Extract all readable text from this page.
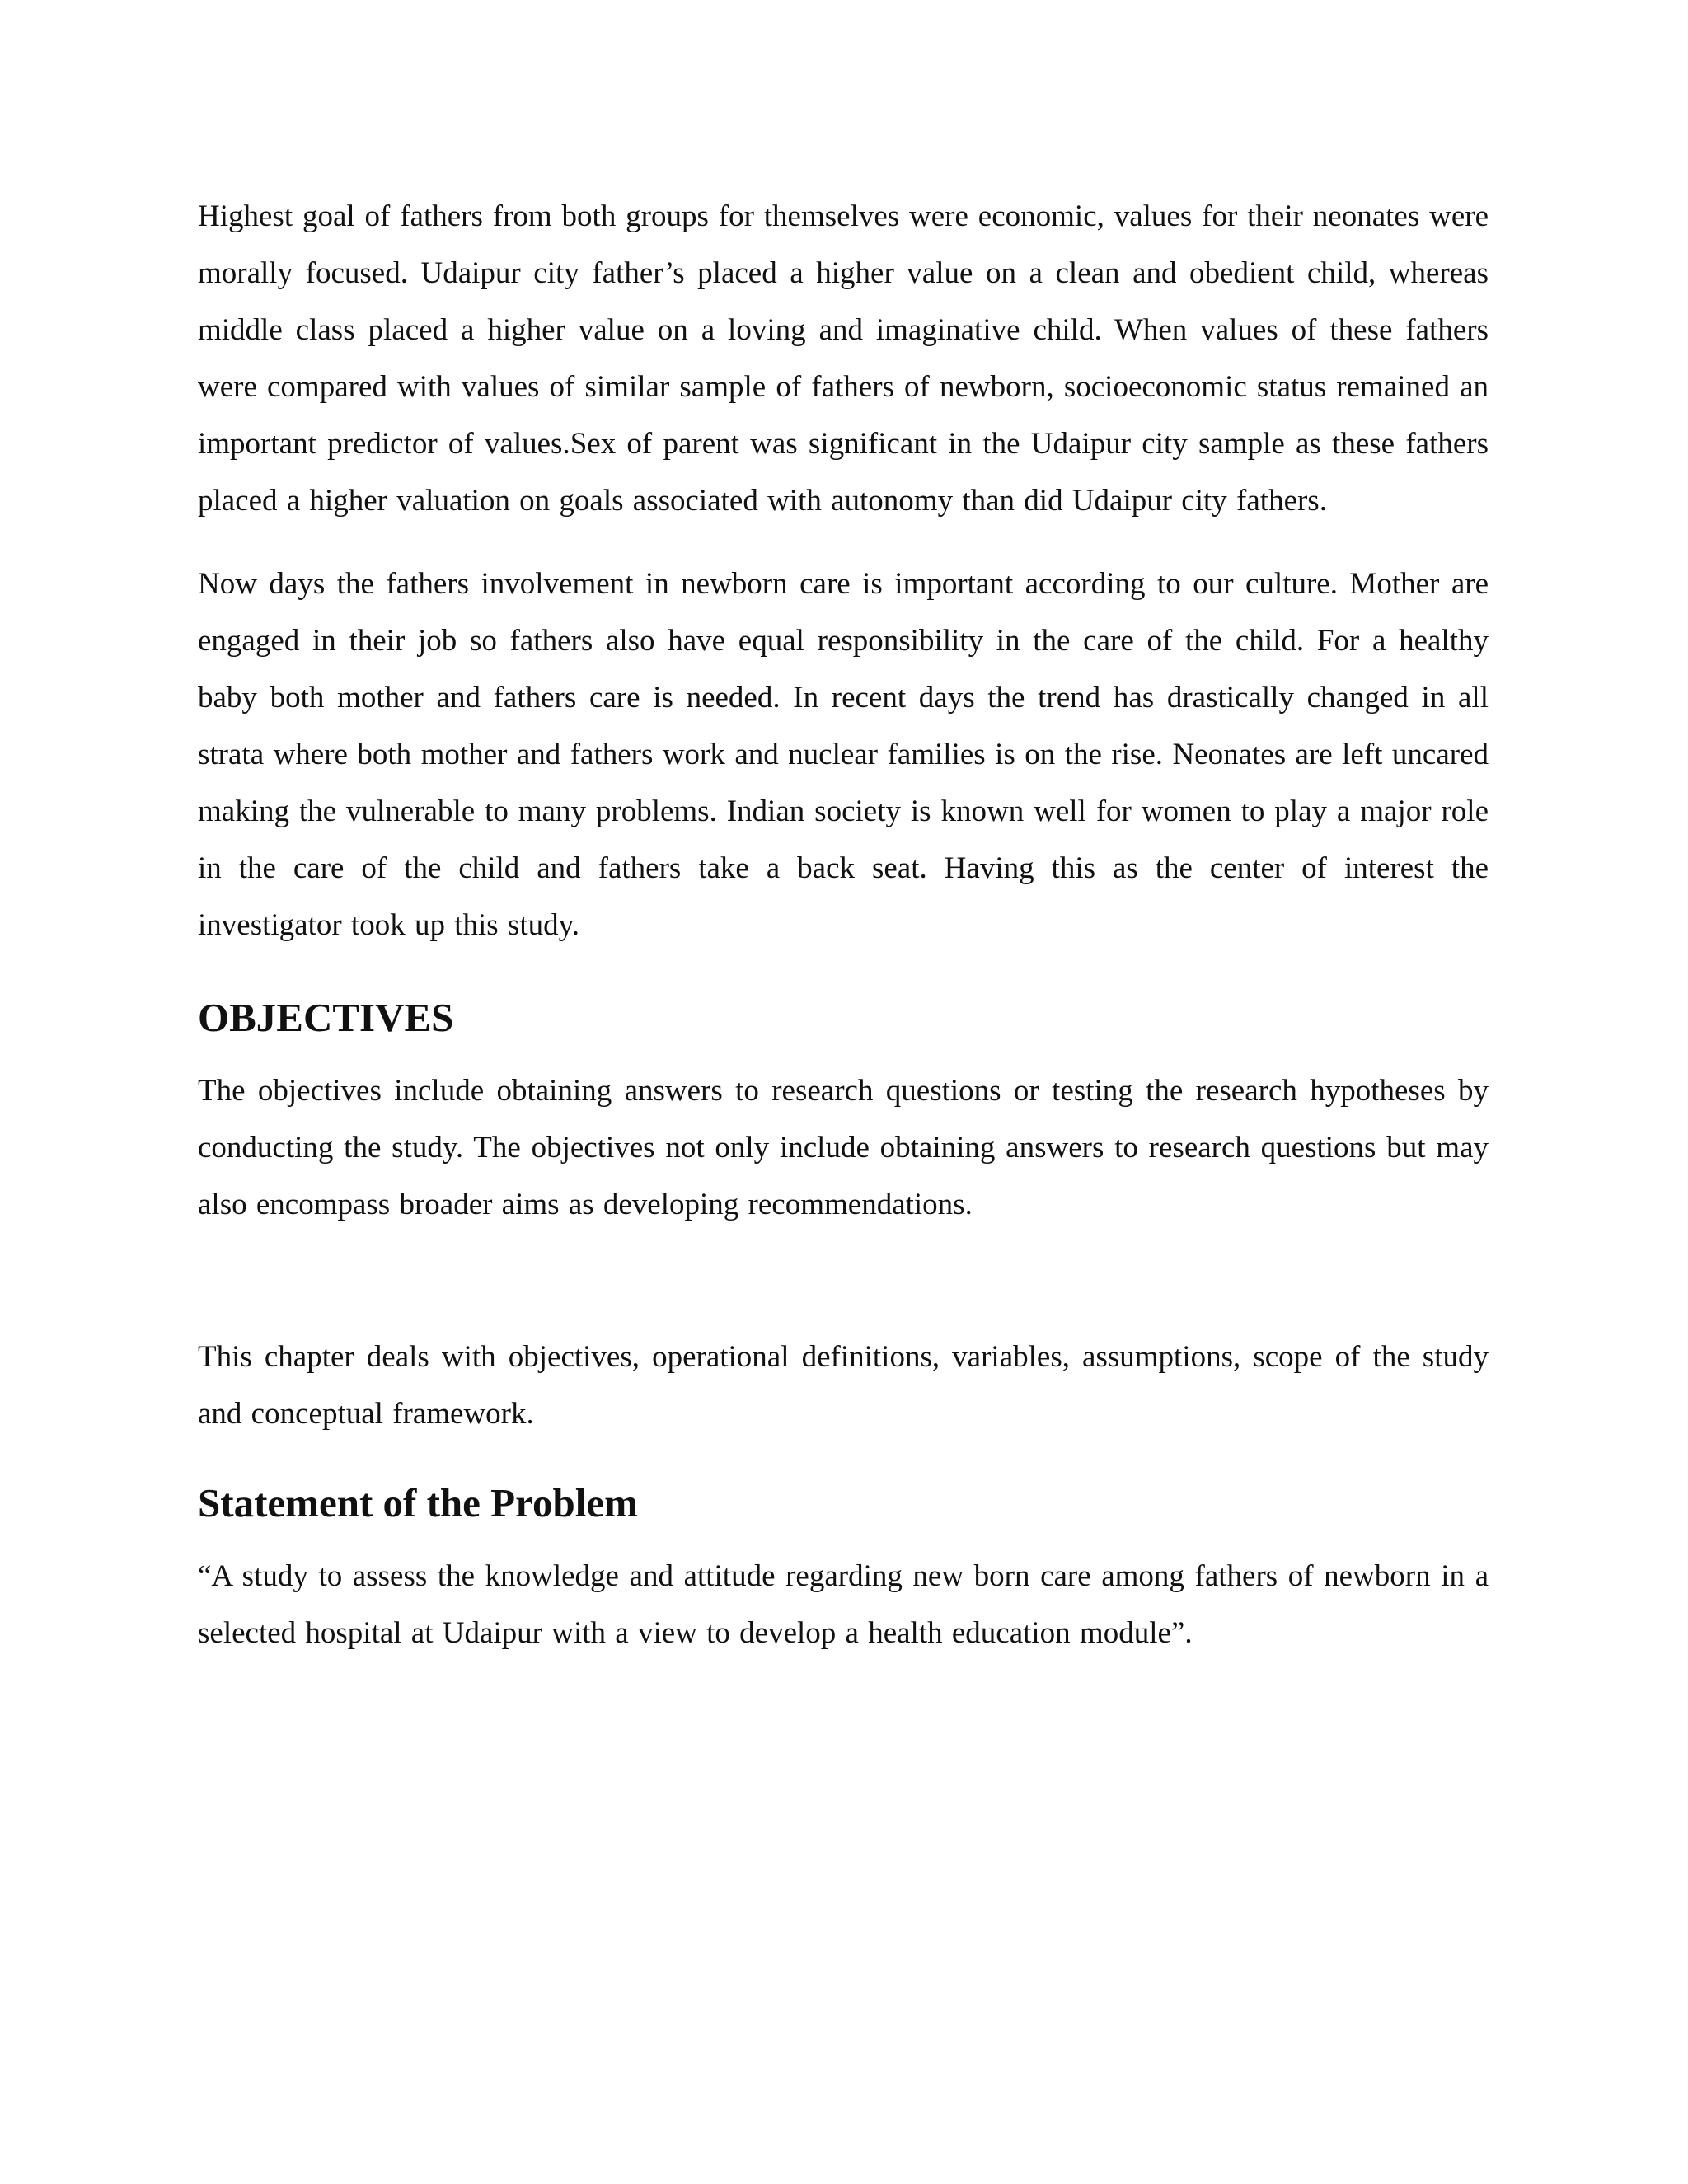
Highest goal of fathers from both groups for themselves were economic, values for their neonates were morally focused. Udaipur city father’s placed a higher value on a clean and obedient child, whereas middle class placed a higher value on a loving and imaginative child. When values of these fathers were compared with values of similar sample of fathers of newborn, socioeconomic status remained an important predictor of values.Sex of parent was significant in the Udaipur city sample as these fathers placed a higher valuation on goals associated with autonomy than did Udaipur city fathers.

Now days the fathers involvement in newborn care is important according to our culture. Mother are engaged in their job so fathers also have equal responsibility in the care of the child. For a healthy baby both mother and fathers care is needed. In recent days the trend has drastically changed in all strata where both mother and fathers work and nuclear families is on the rise. Neonates are left uncared making the vulnerable to many problems. Indian society is known well for women to play a major role in the care of the child and fathers take a back seat. Having this as the center of interest the investigator took up this study.

OBJECTIVES

The objectives include obtaining answers to research questions or testing the research hypotheses by conducting the study. The objectives not only include obtaining answers to research questions but may also encompass broader aims as developing recommendations.

This chapter deals with objectives, operational definitions, variables, assumptions, scope of the study and conceptual framework.

Statement of the Problem

“A study to assess the knowledge and attitude regarding new born care among fathers of newborn in a selected hospital at Udaipur with a view to develop a health education module”.
